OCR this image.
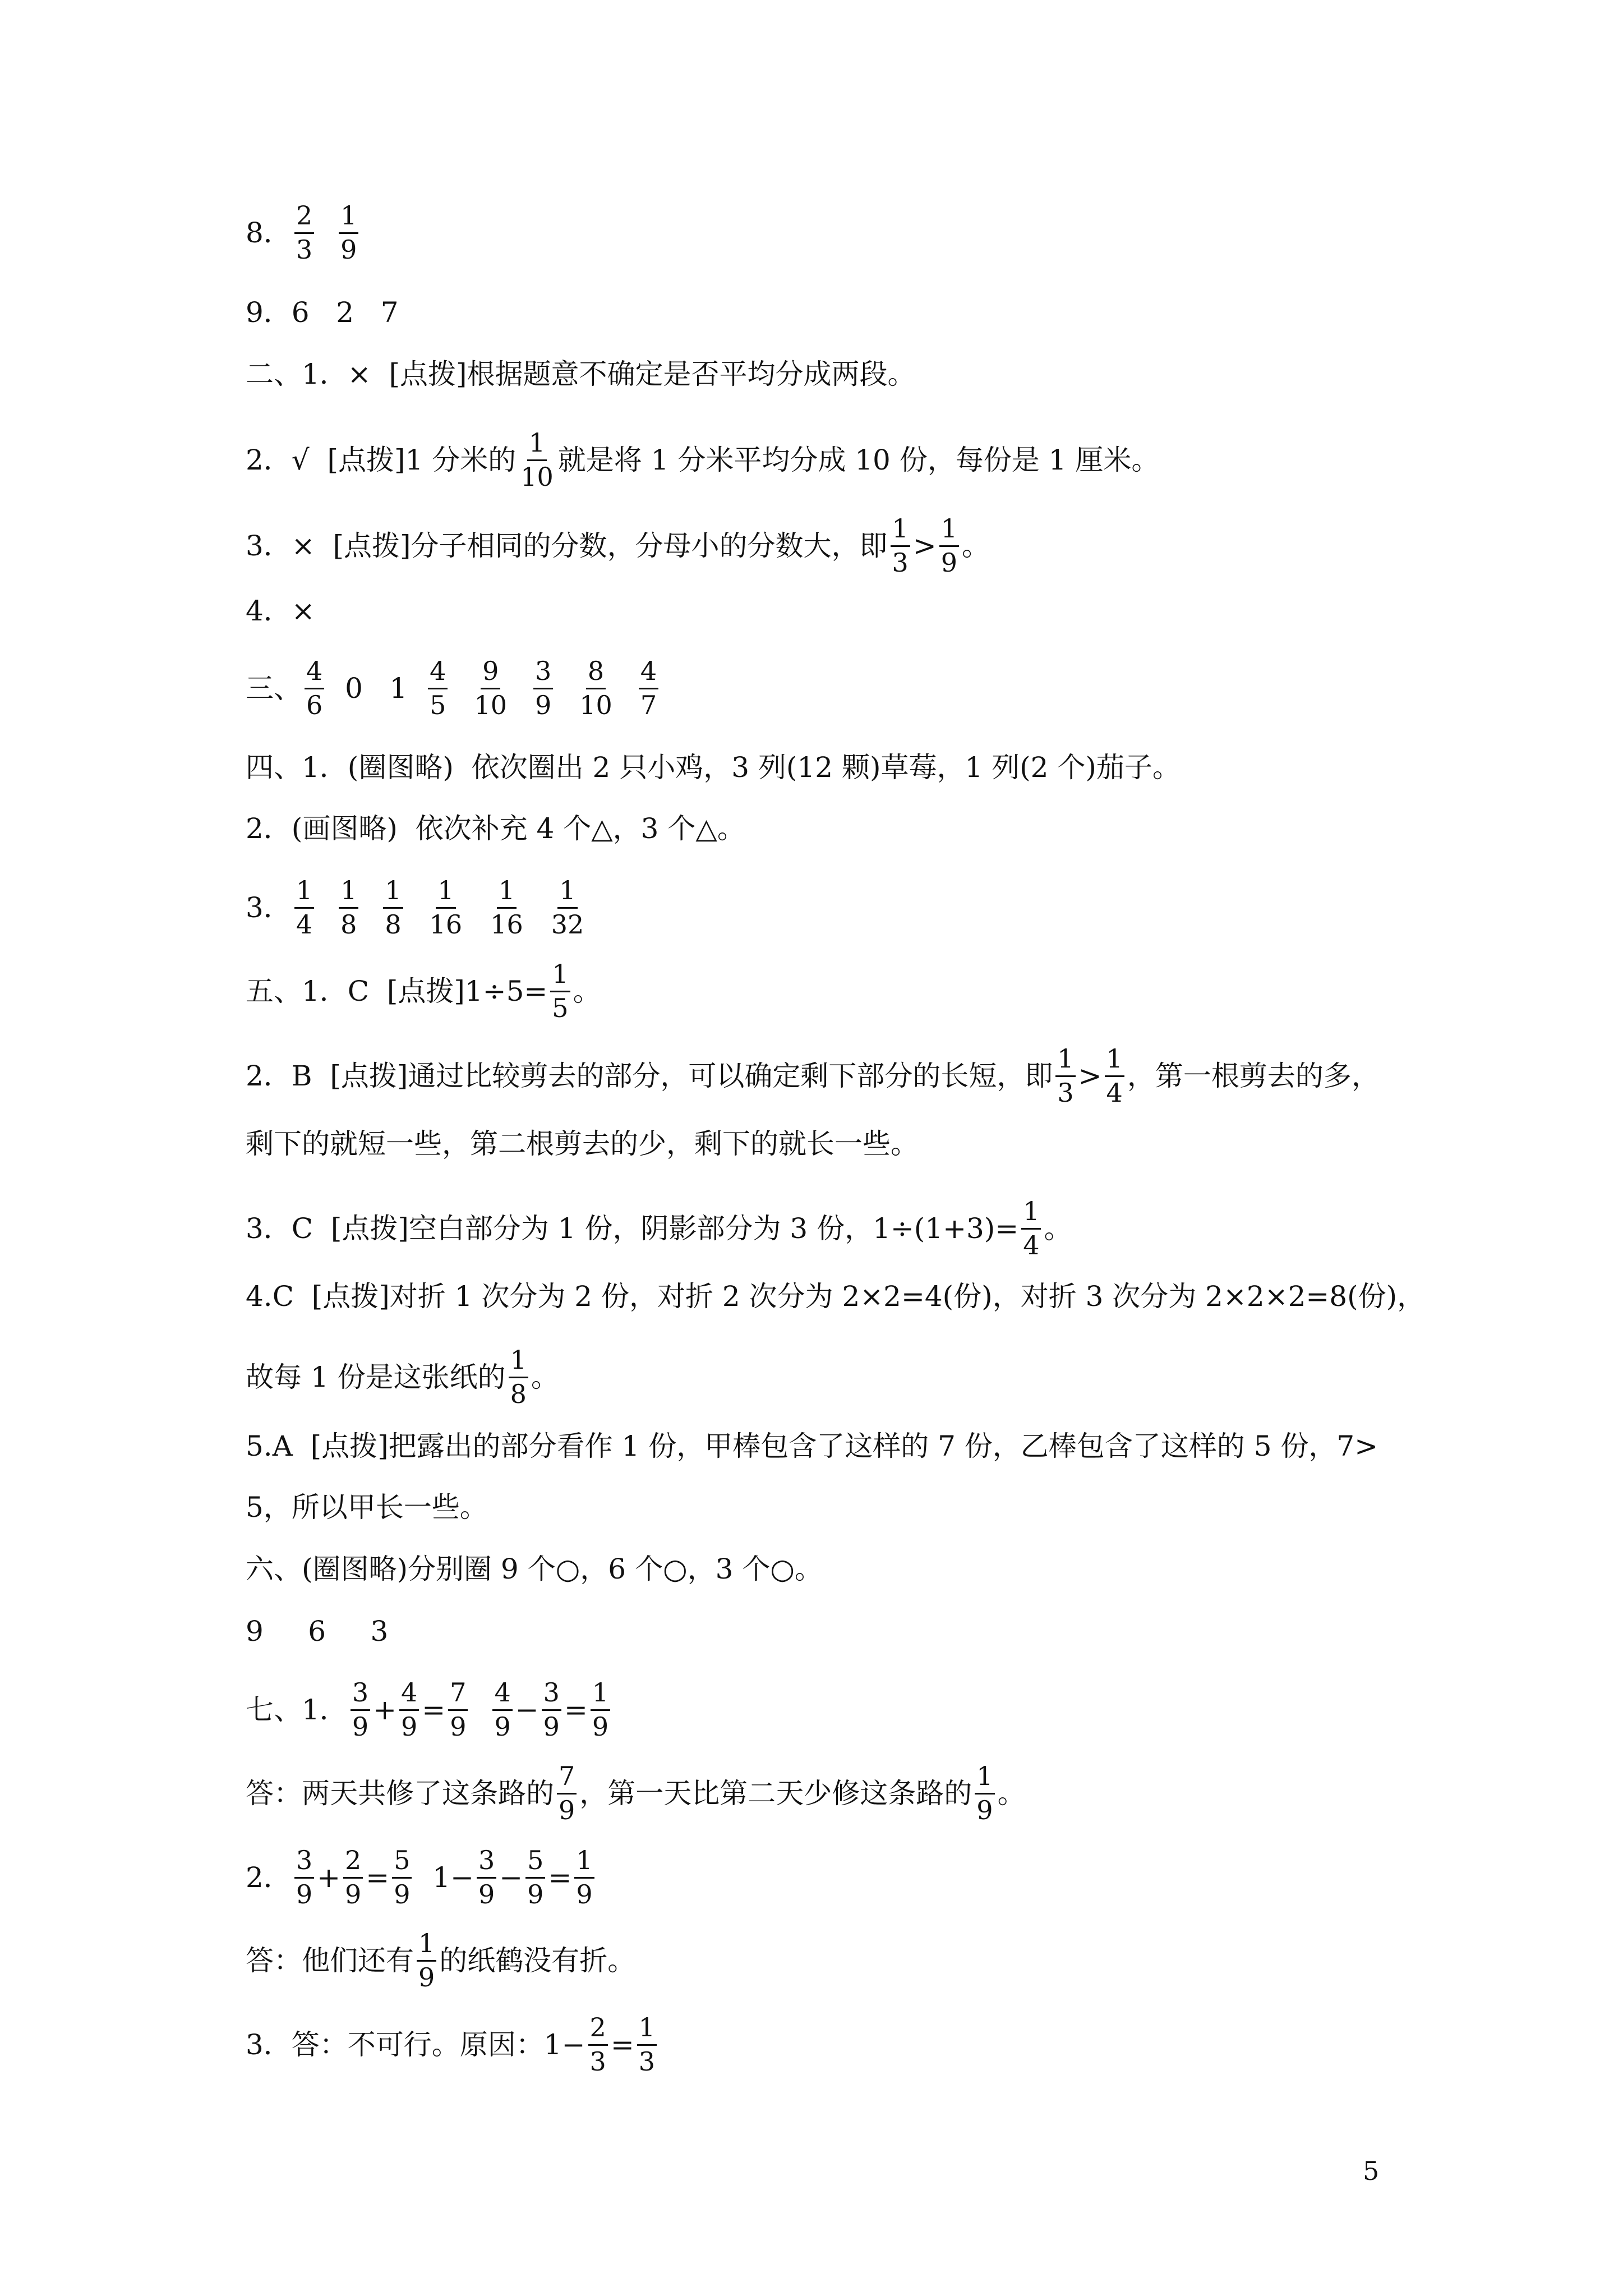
8． $\frac{2}{3} \frac{1}{9}$
9．6   2   7
二、1．×  [点拨]根据题意不确定是否平均分成两段。
2．√  [点拨]1 分米的 $\frac{1}{10}$ 就是将 1 分米平均分成 10 份，每份是 1 厘米。
3．×  [点拨]分子相同的分数，分母小的分数大，即 $\frac{1}{3} > \frac{1}{9}$ 。
4．×
三、 $\frac{4}{6} 0$   $1 \frac{4}{5} \frac{9}{10} \frac{3}{9} \frac{8}{10} \frac{4}{7}$
四、1．(圈图略)  依次圈出 2 只小鸡，3 列(12 颗)草莓，1 列(2 个)茄子。
2．(画图略)  依次补充 4 个△，3 个△。
3． $\frac{1}{4} \frac{1}{8} \frac{1}{8} \frac{1}{16} \frac{1}{16} \frac{1}{32}$
五、1．C  [点拨]$1\div 5= \frac{1}{5}$ 。
2．B  [点拨]通过比较剪去的部分，可以确定剩下部分的长短，即 $\frac{1}{3} > \frac{1}{4}$ ，第一根剪去的多，
剩下的就短一些，第二根剪去的少，剩下的就长一些。
3．C  [点拨]空白部分为 1 份，阴影部分为 3 份，$1\div(1+3)= \frac{1}{4}$ 。
4.C  [点拨]对折 1 次分为 2 份，对折 2 次分为 2×2=4(份)，对折 3 次分为 2×2×2=8(份)，
故每 1 份是这张纸的 $\frac{1}{8}$ 。
5.A  [点拨]把露出的部分看作 1 份，甲棒包含了这样的 7 份，乙棒包含了这样的 5 份，7>
5，所以甲长一些。
六、(圈图略)分别圈 9 个○，6 个○，3 个○。
9     6     3
七、1． $\frac{3}{9} + \frac{4}{9} = \frac{7}{9} \frac{4}{9} - \frac{3}{9} = \frac{1}{9}$
答：两天共修了这条路的 $\frac{7}{9}$ ，第一天比第二天少修这条路的 $\frac{1}{9}$ 。
2． $\frac{3}{9} + \frac{2}{9} = \frac{5}{9} 1- \frac{3}{9} - \frac{5}{9} = \frac{1}{9}$
答：他们还有 $\frac{1}{9}$ 的纸鹤没有折。
3．答：不可行。原因：$1- \frac{2}{3} = \frac{1}{3}$
5
